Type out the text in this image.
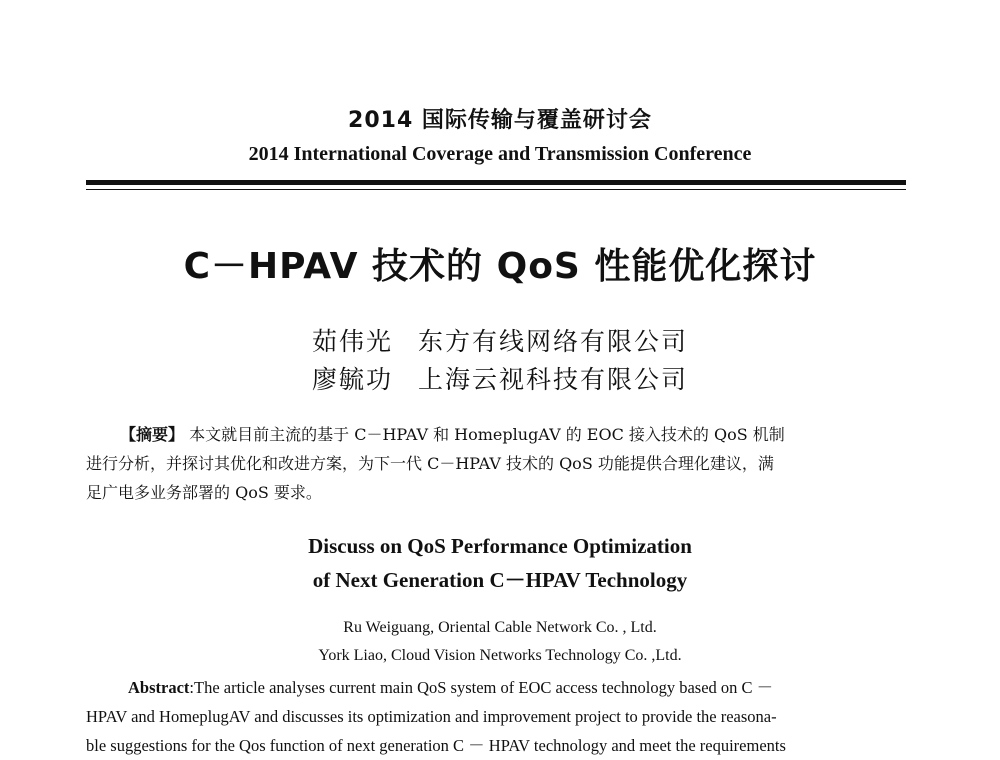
2014 国际传输与覆盖研讨会
2014 International Coverage and Transmission Conference
C－HPAV 技术的 QoS 性能优化探讨
茹伟光 东方有线网络有限公司
廖毓功 上海云视科技有限公司
【摘要】 本文就目前主流的基于 C－HPAV 和 HomeplugAV 的 EOC 接入技术的 QoS 机制
进行分析，并探讨其优化和改进方案，为下一代 C－HPAV 技术的 QoS 功能提供合理化建议，满
足广电多业务部署的 QoS 要求。
Discuss on QoS Performance Optimization
of Next Generation C－HPAV Technology
Ru Weiguang, Oriental Cable Network Co. , Ltd.
York Liao, Cloud Vision Networks Technology Co. ,Ltd.
Abstract:The article analyses current main QoS system of EOC access technology based on C －
HPAV and HomeplugAV and discusses its optimization and improvement project to provide the reasona-
ble suggestions for the Qos function of next generation C － HPAV technology and meet the requirements
